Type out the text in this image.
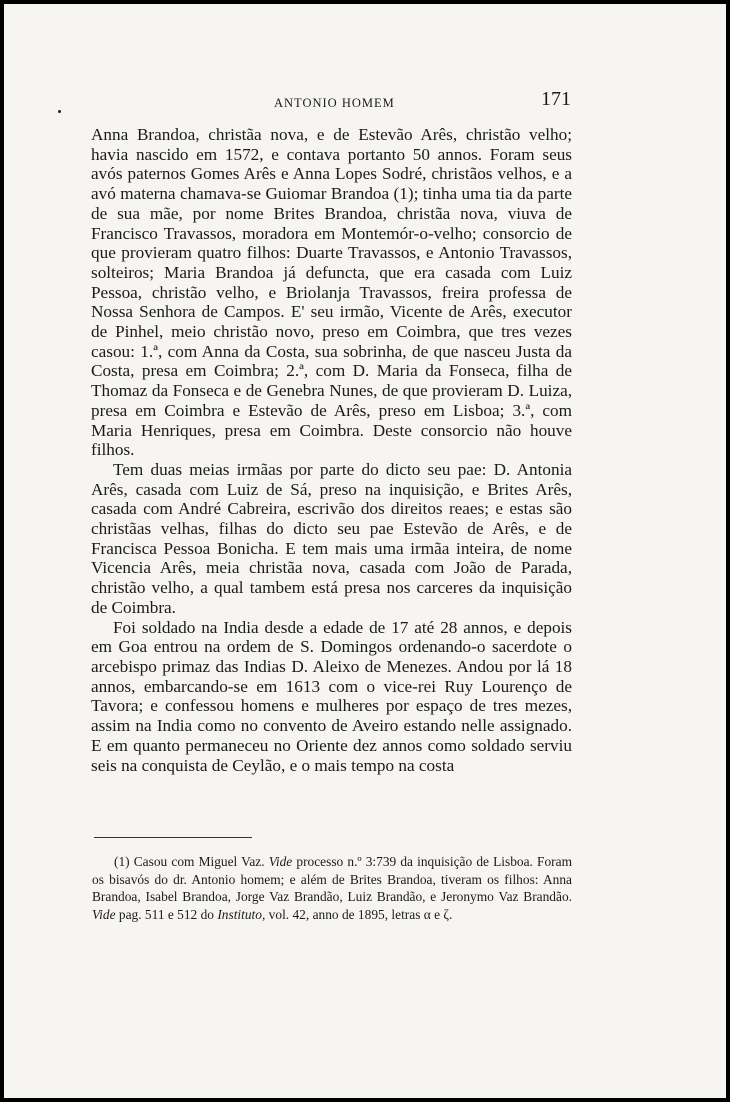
ANTONIO HOMEM	171

Anna Brandoa, christãa nova, e de Estevão Arês, christão velho; havia nascido em 1572, e contava portanto 50 annos. Foram seus avós paternos Gomes Arês e Anna Lopes Sodré, christãos velhos, e a avó materna chamava-se Guiomar Brandoa (1); tinha uma tia da parte de sua mãe, por nome Brites Brandoa, christãa nova, viuva de Francisco Travassos, moradora em Montemór-o-velho; consorcio de que provieram quatro filhos: Duarte Travassos, e Antonio Travassos, solteiros; Maria Brandoa já defuncta, que era casada com Luiz Pessoa, christão velho, e Briolanja Travassos, freira professa de Nossa Senhora de Campos. E' seu irmão, Vicente de Arês, executor de Pinhel, meio christão novo, preso em Coimbra, que tres vezes casou: 1.ª, com Anna da Costa, sua sobrinha, de que nasceu Justa da Costa, presa em Coimbra; 2.ª, com D. Maria da Fonseca, filha de Thomaz da Fonseca e de Genebra Nunes, de que provieram D. Luiza, presa em Coimbra e Estevão de Arês, preso em Lisboa; 3.ª, com Maria Henriques, presa em Coimbra. Deste consorcio não houve filhos.

Tem duas meias irmãas por parte do dicto seu pae: D. Antonia Arês, casada com Luiz de Sá, preso na inquisição, e Brites Arês, casada com André Cabreira, escrivão dos direitos reaes; e estas são christãas velhas, filhas do dicto seu pae Estevão de Arês, e de Francisca Pessoa Bonicha. E tem mais uma irmãa inteira, de nome Vicencia Arês, meia christãa nova, casada com João de Parada, christão velho, a qual tambem está presa nos carceres da inquisição de Coimbra.

Foi soldado na India desde a edade de 17 até 28 annos, e depois em Goa entrou na ordem de S. Domingos ordenando-o sacerdote o arcebispo primaz das Indias D. Aleixo de Menezes. Andou por lá 18 annos, embarcando-se em 1613 com o vice-rei Ruy Lourenço de Tavora; e confessou homens e mulheres por espaço de tres mezes, assim na India como no convento de Aveiro estando nelle assignado. E em quanto permaneceu no Oriente dez annos como soldado serviu seis na conquista de Ceylão, e o mais tempo na costa

(1) Casou com Miguel Vaz. Vide processo n.º 3:739 da inquisição de Lisboa. Foram os bisavós do dr. Antonio homem; e além de Brites Brandoa, tiveram os filhos: Anna Brandoa, Isabel Brandoa, Jorge Vaz Brandão, Luiz Brandão, e Jeronymo Vaz Brandão. Vide pag. 511 e 512 do Instituto, vol. 42, anno de 1895, letras α e ζ.
